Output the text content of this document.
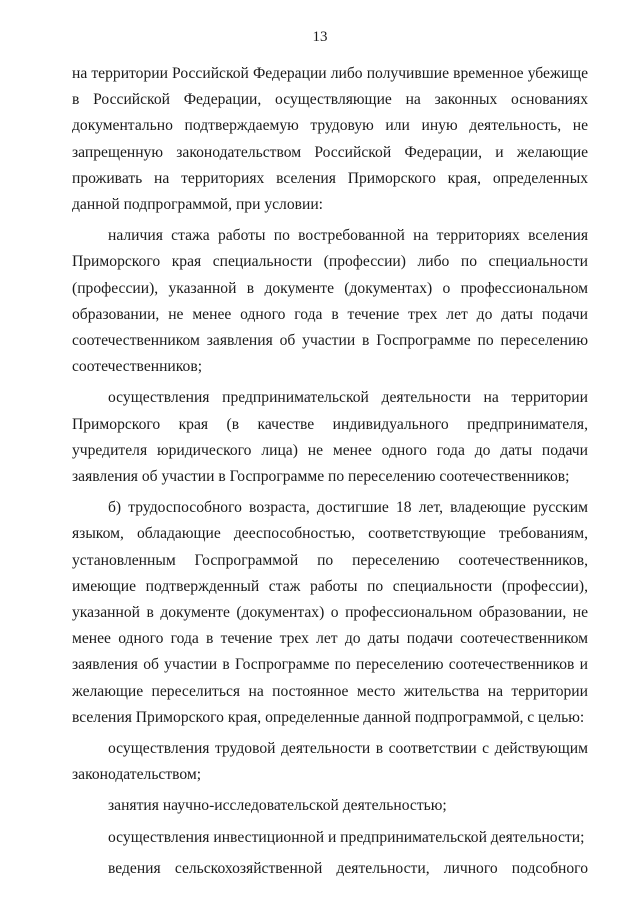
13

на территории Российской Федерации либо получившие временное убежище в Российской Федерации, осуществляющие на законных основаниях документально подтверждаемую трудовую или иную деятельность, не запрещенную законодательством Российской Федерации, и желающие проживать на территориях вселения Приморского края, определенных данной подпрограммой, при условии:

наличия стажа работы по востребованной на территориях вселения Приморского края специальности (профессии) либо по специальности (профессии), указанной в документе (документах) о профессиональном образовании, не менее одного года в течение трех лет до даты подачи соотечественником заявления об участии в Госпрограмме по переселению соотечественников;

осуществления предпринимательской деятельности на территории Приморского края (в качестве индивидуального предпринимателя, учредителя юридического лица) не менее одного года до даты подачи заявления об участии в Госпрограмме по переселению соотечественников;

б) трудоспособного возраста, достигшие 18 лет, владеющие русским языком, обладающие дееспособностью, соответствующие требованиям, установленным Госпрограммой по переселению соотечественников, имеющие подтвержденный стаж работы по специальности (профессии), указанной в документе (документах) о профессиональном образовании, не менее одного года в течение трех лет до даты подачи соотечественником заявления об участии в Госпрограмме по переселению соотечественников и желающие переселиться на постоянное место жительства на территории вселения Приморского края, определенные данной подпрограммой, с целью:

осуществления трудовой деятельности в соответствии с действующим законодательством;

занятия научно-исследовательской деятельностью;

осуществления инвестиционной и предпринимательской деятельности;

ведения сельскохозяйственной деятельности, личного подсобного
